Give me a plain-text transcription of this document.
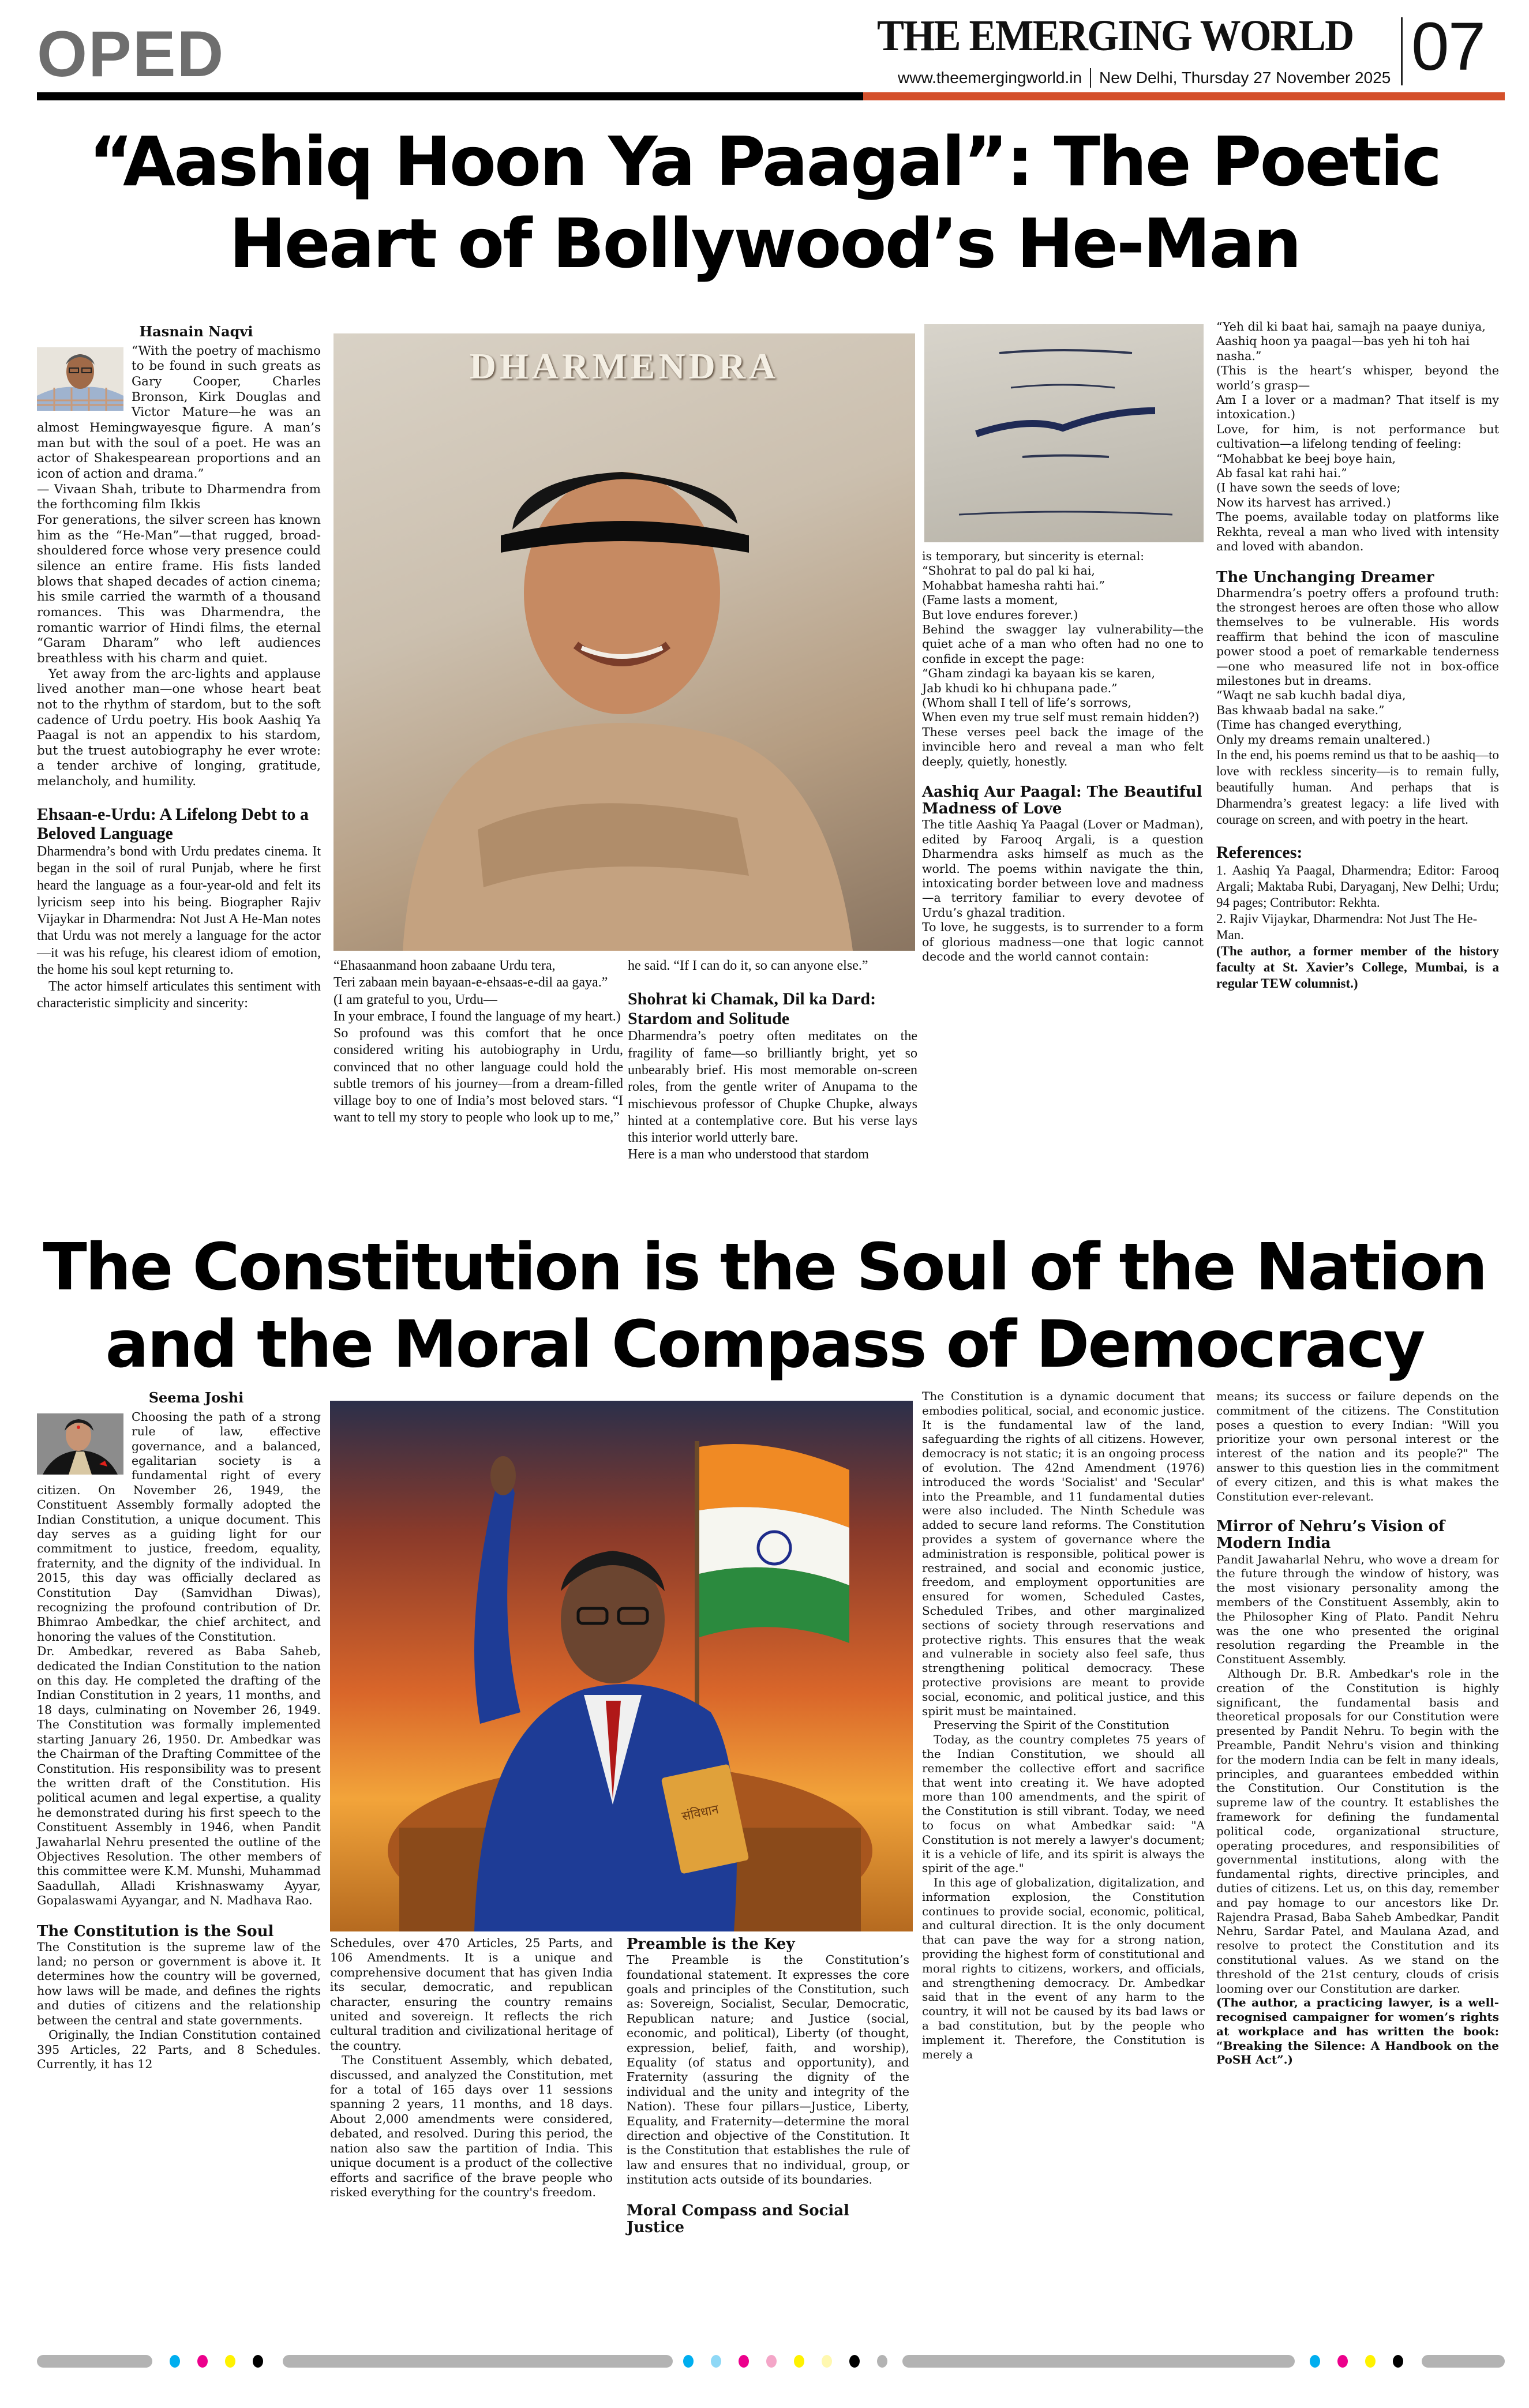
OPED	THE EMERGING WORLD
www.theemergingworld.in New Delhi, Thursday 27 November 2025 07
“Aashiq Hoon Ya Paagal”: The Poetic Heart of Bollywood’s He-Man
Hasnain Naqvi

“With the poetry of machismo to be found in such greats as Gary Cooper, Charles Bronson, Kirk Douglas and Victor Mature—he was an almost Hemingwayesque figure. A man’s man but with the soul of a poet. He was an actor of Shakespearean proportions and an icon of action and drama.”

— Vivaan Shah, tribute to Dharmendra from the forthcoming film Ikkis

For generations, the silver screen has known him as the “He-Man”—that rugged, broad-shouldered force whose very presence could silence an entire frame. His fists landed blows that shaped decades of action cinema; his smile carried the warmth of a thousand romances. This was Dharmendra, the romantic warrior of Hindi films, the eternal “Garam Dharam” who left audiences breathless with his charm and quiet.

Yet away from the arc-lights and applause lived another man—one whose heart beat not to the rhythm of stardom, but to the soft cadence of Urdu poetry. His book Aashiq Ya Paagal is not an appendix to his stardom, but the truest autobiography he ever wrote: a tender archive of longing, gratitude, melancholy, and humility.

Ehsaan-e-Urdu: A Lifelong Debt to a Beloved Language

Dharmendra’s bond with Urdu predates cinema. It began in the soil of rural Punjab, where he first heard the language as a four-year-old and felt its lyricism seep into his being. Biographer Rajiv Vijaykar in Dharmendra: Not Just A He-Man notes that Urdu was not merely a language for the actor—it was his refuge, his clearest idiom of emotion, the home his soul kept returning to.

The actor himself articulates this sentiment with characteristic simplicity and sincerity:

DHARMENDRA

“Ehasaanmand hoon zabaane Urdu tera,

Teri zabaan mein bayaan-e-ehsaas-e-dil aa gaya.”

(I am grateful to you, Urdu—

In your embrace, I found the language of my heart.)

So profound was this comfort that he once considered writing his autobiography in Urdu, convinced that no other language could hold the subtle tremors of his journey—from a dream-filled village boy to one of India’s most beloved stars. “I want to tell my story to people who look up to me,”

he said. “If I can do it, so can anyone else.”

Shohrat ki Chamak, Dil ka Dard: Stardom and Solitude

Dharmendra’s poetry often meditates on the fragility of fame—so brilliantly bright, yet so unbearably brief. His most memorable on-screen roles, from the gentle writer of Anupama to the mischievous professor of Chupke Chupke, always hinted at a contemplative core. But his verse lays this interior world utterly bare.

Here is a man who understood that stardom

is temporary, but sincerity is eternal:

“Shohrat to pal do pal ki hai,

Mohabbat hamesha rahti hai.”

(Fame lasts a moment,

But love endures forever.)

Behind the swagger lay vulnerability—the quiet ache of a man who often had no one to confide in except the page:

“Gham zindagi ka bayaan kis se karen,

Jab khudi ko hi chhupana pade.”

(Whom shall I tell of life’s sorrows,

When even my true self must remain hidden?)

These verses peel back the image of the invincible hero and reveal a man who felt deeply, quietly, honestly.

Aashiq Aur Paagal: The Beautiful Madness of Love

The title Aashiq Ya Paagal (Lover or Madman), edited by Farooq Argali, is a question Dharmendra asks himself as much as the world. The poems within navigate the thin, intoxicating border between love and madness—a territory familiar to every devotee of Urdu’s ghazal tradition.

To love, he suggests, is to surrender to a form of glorious madness—one that logic cannot decode and the world cannot contain:

“Yeh dil ki baat hai, samajh na paaye duniya,

Aashiq hoon ya paagal—bas yeh hi toh hai nasha.”

(This is the heart’s whisper, beyond the world’s grasp—

Am I a lover or a madman? That itself is my intoxication.)

Love, for him, is not performance but cultivation—a lifelong tending of feeling:

“Mohabbat ke beej boye hain,

Ab fasal kat rahi hai.”

(I have sown the seeds of love;

Now its harvest has arrived.)

The poems, available today on platforms like Rekhta, reveal a man who lived with intensity and loved with abandon.

The Unchanging Dreamer

Dharmendra’s poetry offers a profound truth: the strongest heroes are often those who allow themselves to be vulnerable. His words reaffirm that behind the icon of masculine power stood a poet of remarkable tenderness—one who measured life not in box-office milestones but in dreams.

“Waqt ne sab kuchh badal diya,

Bas khwaab badal na sake.”

(Time has changed everything,

Only my dreams remain unaltered.)

In the end, his poems remind us that to be aashiq—to love with reckless sincerity—is to remain fully, beautifully human. And perhaps that is Dharmendra’s greatest legacy: a life lived with courage on screen, and with poetry in the heart.

References:

1. Aashiq Ya Paagal, Dharmendra; Editor: Farooq Argali; Maktaba Rubi, Daryaganj, New Delhi; Urdu; 94 pages; Contributor: Rekhta.

2. Rajiv Vijaykar, Dharmendra: Not Just The He-Man.

(The author, a former member of the history faculty at St. Xavier’s College, Mumbai, is a regular TEW columnist.)

The Constitution is the Soul of the Nation and the Moral Compass of Democracy
Seema Joshi

Choosing the path of a strong rule of law, effective governance, and a balanced, egalitarian society is a fundamental right of every citizen. On November 26, 1949, the Constituent Assembly formally adopted the Indian Constitution, a unique document. This day serves as a guiding light for our commitment to justice, freedom, equality, fraternity, and the dignity of the individual. In 2015, this day was officially declared as Constitution Day (Samvidhan Diwas), recognizing the profound contribution of Dr. Bhimrao Ambedkar, the chief architect, and honoring the values of the Constitution.

Dr. Ambedkar, revered as Baba Saheb, dedicated the Indian Constitution to the nation on this day. He completed the drafting of the Indian Constitution in 2 years, 11 months, and 18 days, culminating on November 26, 1949. The Constitution was formally implemented starting January 26, 1950. Dr. Ambedkar was the Chairman of the Drafting Committee of the Constitution. His responsibility was to present the written draft of the Constitution. His political acumen and legal expertise, a quality he demonstrated during his first speech to the Constituent Assembly in 1946, when Pandit Jawaharlal Nehru presented the outline of the Objectives Resolution. The other members of this committee were K.M. Munshi, Muhammad Saadullah, Alladi Krishnaswamy Ayyar, Gopalaswami Ayyangar, and N. Madhava Rao.

The Constitution is the Soul

The Constitution is the supreme law of the land; no person or government is above it. It determines how the country will be governed, how laws will be made, and defines the rights and duties of citizens and the relationship between the central and state governments.

Originally, the Indian Constitution contained 395 Articles, 22 Parts, and 8 Schedules. Currently, it has 12

संविधान

Schedules, over 470 Articles, 25 Parts, and 106 Amendments. It is a unique and comprehensive document that has given India its secular, democratic, and republican character, ensuring the country remains united and sovereign. It reflects the rich cultural tradition and civilizational heritage of the country.

The Constituent Assembly, which debated, discussed, and analyzed the Constitution, met for a total of 165 days over 11 sessions spanning 2 years, 11 months, and 18 days. About 2,000 amendments were considered, debated, and resolved. During this period, the nation also saw the partition of India. This unique document is a product of the collective efforts and sacrifice of the brave people who risked everything for the country's freedom.

Preamble is the Key

The Preamble is the Constitution’s foundational statement. It expresses the core goals and principles of the Constitution, such as: Sovereign, Socialist, Secular, Democratic, Republican nature; and Justice (social, economic, and political), Liberty (of thought, expression, belief, faith, and worship), Equality (of status and opportunity), and Fraternity (assuring the dignity of the individual and the unity and integrity of the Nation). These four pillars—Justice, Liberty, Equality, and Fraternity—determine the moral direction and objective of the Constitution. It is the Constitution that establishes the rule of law and ensures that no individual, group, or institution acts outside of its boundaries.

Moral Compass and Social Justice

The Constitution is a dynamic document that embodies political, social, and economic justice. It is the fundamental law of the land, safeguarding the rights of all citizens. However, democracy is not static; it is an ongoing process of evolution. The 42nd Amendment (1976) introduced the words 'Socialist' and 'Secular' into the Preamble, and 11 fundamental duties were also included. The Ninth Schedule was added to secure land reforms. The Constitution provides a system of governance where the administration is responsible, political power is restrained, and social and economic justice, freedom, and employment opportunities are ensured for women, Scheduled Castes, Scheduled Tribes, and other marginalized sections of society through reservations and protective rights. This ensures that the weak and vulnerable in society also feel safe, thus strengthening political democracy. These protective provisions are meant to provide social, economic, and political justice, and this spirit must be maintained.

Preserving the Spirit of the Constitution

Today, as the country completes 75 years of the Indian Constitution, we should all remember the collective effort and sacrifice that went into creating it. We have adopted more than 100 amendments, and the spirit of the Constitution is still vibrant. Today, we need to focus on what Ambedkar said: "A Constitution is not merely a lawyer's document; it is a vehicle of life, and its spirit is always the spirit of the age."

In this age of globalization, digitalization, and information explosion, the Constitution continues to provide social, economic, political, and cultural direction. It is the only document that can pave the way for a strong nation, providing the highest form of constitutional and moral rights to citizens, workers, and officials, and strengthening democracy. Dr. Ambedkar said that in the event of any harm to the country, it will not be caused by its bad laws or a bad constitution, but by the people who implement it. Therefore, the Constitution is merely a

means; its success or failure depends on the commitment of the citizens. The Constitution poses a question to every Indian: "Will you prioritize your own personal interest or the interest of the nation and its people?" The answer to this question lies in the commitment of every citizen, and this is what makes the Constitution ever-relevant.

Mirror of Nehru’s Vision of Modern India

Pandit Jawaharlal Nehru, who wove a dream for the future through the window of history, was the most visionary personality among the members of the Constituent Assembly, akin to the Philosopher King of Plato. Pandit Nehru was the one who presented the original resolution regarding the Preamble in the Constituent Assembly.

Although Dr. B.R. Ambedkar's role in the creation of the Constitution is highly significant, the fundamental basis and theoretical proposals for our Constitution were presented by Pandit Nehru. To begin with the Preamble, Pandit Nehru's vision and thinking for the modern India can be felt in many ideals, principles, and guarantees embedded within the Constitution. Our Constitution is the supreme law of the country. It establishes the framework for defining the fundamental political code, organizational structure, operating procedures, and responsibilities of governmental institutions, along with the fundamental rights, directive principles, and duties of citizens. Let us, on this day, remember and pay homage to our ancestors like Dr. Rajendra Prasad, Baba Saheb Ambedkar, Pandit Nehru, Sardar Patel, and Maulana Azad, and resolve to protect the Constitution and its constitutional values. As we stand on the threshold of the 21st century, clouds of crisis looming over our Constitution are darker.

(The author, a practicing lawyer, is a well-recognised campaigner for women’s rights at workplace and has written the book: “Breaking the Silence: A Handbook on the PoSH Act”.)
